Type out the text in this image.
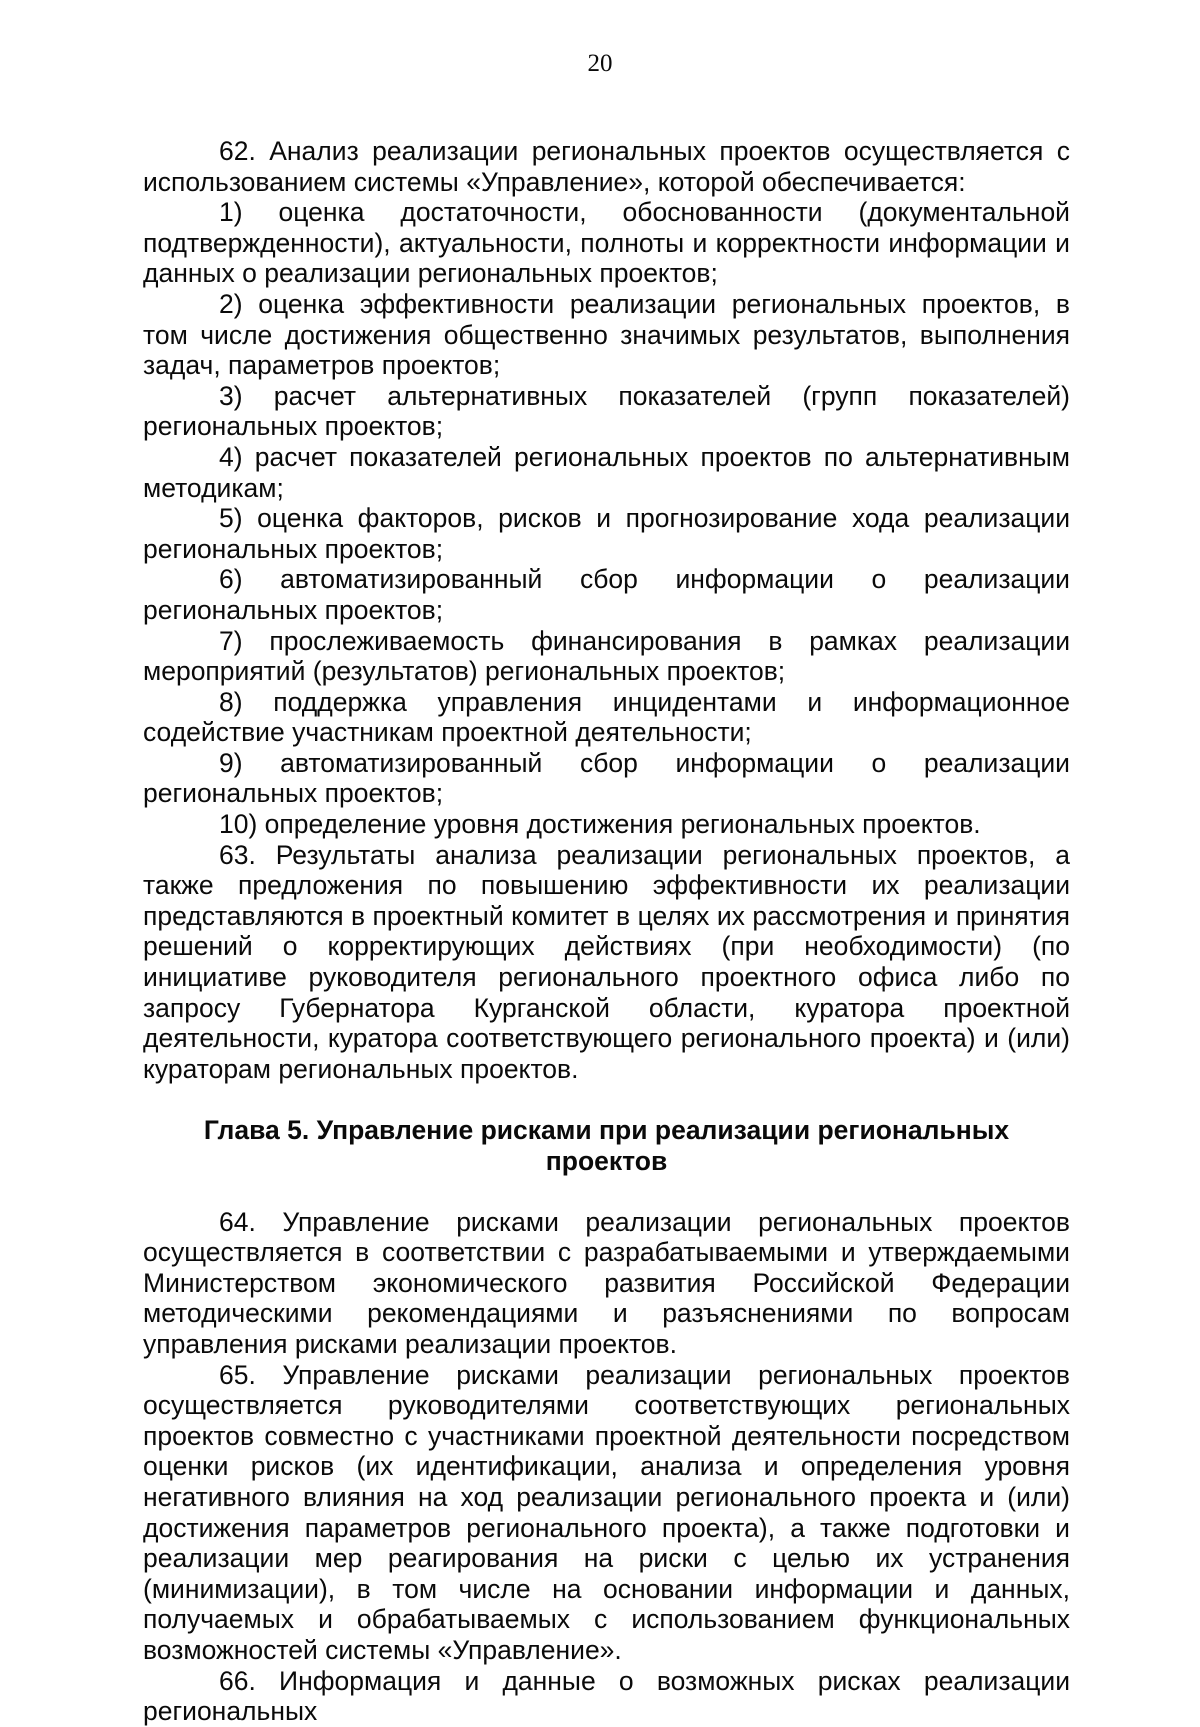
20

62. Анализ реализации региональных проектов осуществляется с использованием системы «Управление», которой обеспечивается:

1) оценка достаточности, обоснованности (документальной подтвержденности), актуальности, полноты и корректности информации и данных о реализации региональных проектов;

2) оценка эффективности реализации региональных проектов, в том числе достижения общественно значимых результатов, выполнения задач, параметров проектов;

3) расчет альтернативных показателей (групп показателей) региональных проектов;

4) расчет показателей региональных проектов по альтернативным методикам;

5) оценка факторов, рисков и прогнозирование хода реализации региональных проектов;

6) автоматизированный сбор информации о реализации региональных проектов;

7) прослеживаемость финансирования в рамках реализации мероприятий (результатов) региональных проектов;

8) поддержка управления инцидентами и информационное содействие участникам проектной деятельности;

9) автоматизированный сбор информации о реализации региональных проектов;

10) определение уровня достижения региональных проектов.

63. Результаты анализа реализации региональных проектов, а также предложения по повышению эффективности их реализации представляются в проектный комитет в целях их рассмотрения и принятия решений о корректирующих действиях (при необходимости) (по инициативе руководителя регионального проектного офиса либо по запросу Губернатора Курганской области, куратора проектной деятельности, куратора соответствующего регионального проекта) и (или) кураторам региональных проектов.

Глава 5. Управление рисками при реализации региональных проектов

64. Управление рисками реализации региональных проектов осуществляется в соответствии с разрабатываемыми и утверждаемыми Министерством экономического развития Российской Федерации методическими рекомендациями и разъяснениями по вопросам управления рисками реализации проектов.

65. Управление рисками реализации региональных проектов осуществляется руководителями соответствующих региональных проектов совместно с участниками проектной деятельности посредством оценки рисков (их идентификации, анализа и определения уровня негативного влияния на ход реализации регионального проекта и (или) достижения параметров регионального проекта), а также подготовки и реализации мер реагирования на риски с целью их устранения (минимизации), в том числе на основании информации и данных, получаемых и обрабатываемых с использованием функциональных возможностей системы «Управление».

66. Информация и данные о возможных рисках реализации региональных
